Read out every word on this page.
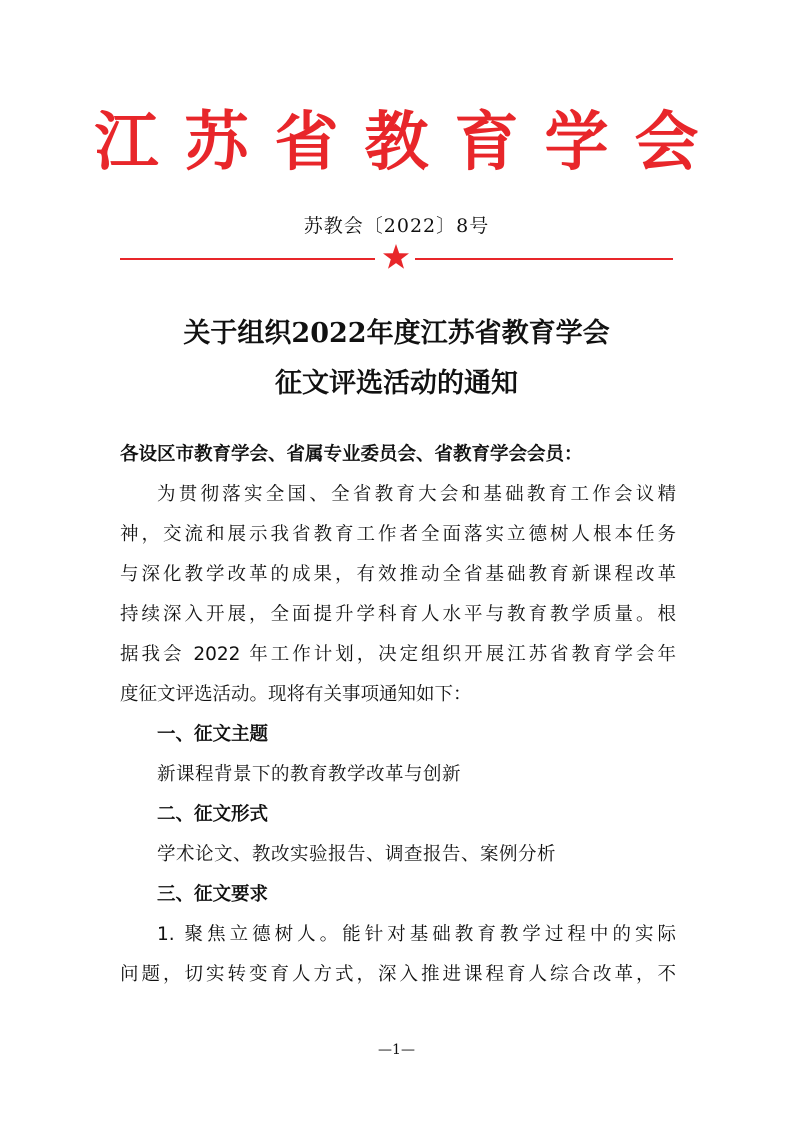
江苏省教育学会
苏教会〔2022〕8号
关于组织2022年度江苏省教育学会
征文评选活动的通知
各设区市教育学会、省属专业委员会、省教育学会会员：
为贯彻落实全国、全省教育大会和基础教育工作会议精
神，交流和展示我省教育工作者全面落实立德树人根本任务
与深化教学改革的成果，有效推动全省基础教育新课程改革
持续深入开展，全面提升学科育人水平与教育教学质量。根
据我会 2022 年工作计划，决定组织开展江苏省教育学会年
度征文评选活动。现将有关事项通知如下：
一、征文主题
新课程背景下的教育教学改革与创新
二、征文形式
学术论文、教改实验报告、调查报告、案例分析
三、征文要求
1. 聚焦立德树人。能针对基础教育教学过程中的实际
问题，切实转变育人方式，深入推进课程育人综合改革，不
—1—
